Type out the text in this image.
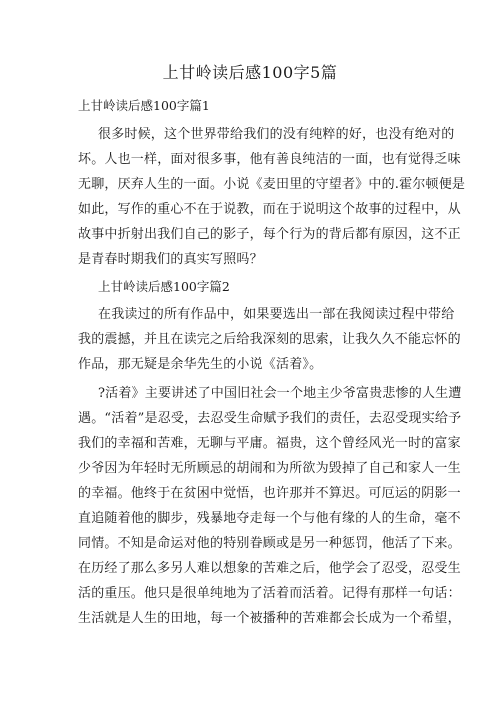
上甘岭读后感100字5篇
上甘岭读后感100字篇1
很多时候，这个世界带给我们的没有纯粹的好，也没有绝对的
坏。人也一样，面对很多事，他有善良纯洁的一面，也有觉得乏味
无聊，厌弃人生的一面。小说《麦田里的守望者》中的.霍尔顿便是
如此，写作的重心不在于说教，而在于说明这个故事的过程中，从
故事中折射出我们自己的影子，每个行为的背后都有原因，这不正
是青春时期我们的真实写照吗？
上甘岭读后感100字篇2
在我读过的所有作品中，如果要选出一部在我阅读过程中带给
我的震撼，并且在读完之后给我深刻的思索，让我久久不能忘怀的
作品，那无疑是余华先生的小说《活着》。
?活着》主要讲述了中国旧社会一个地主少爷富贵悲惨的人生遭
遇。“活着”是忍受，去忍受生命赋予我们的责任，去忍受现实给予
我们的幸福和苦难，无聊与平庸。福贵，这个曾经风光一时的富家
少爷因为年轻时无所顾忌的胡闹和为所欲为毁掉了自己和家人一生
的幸福。他终于在贫困中觉悟，也许那并不算迟。可厄运的阴影一
直追随着他的脚步，残暴地夺走每一个与他有缘的人的生命，毫不
同情。不知是命运对他的特别眷顾或是另一种惩罚，他活了下来。
在历经了那么多另人难以想象的苦难之后，他学会了忍受，忍受生
活的重压。他只是很单纯地为了活着而活着。记得有那样一句话：
生活就是人生的田地，每一个被播种的苦难都会长成为一个希望，
